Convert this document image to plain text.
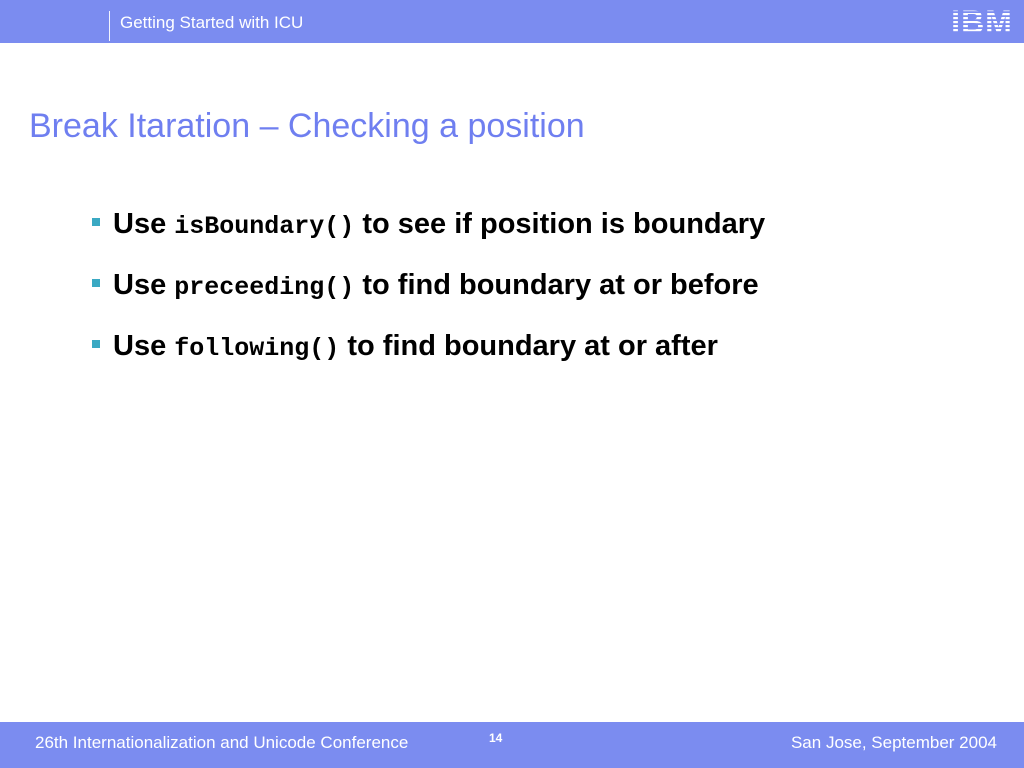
Getting Started with ICU	IBM
Break Itaration – Checking a position
Use isBoundary() to see if position is boundary
Use preceeding() to find boundary at or before
Use following() to find boundary at or after
26th Internationalization and Unicode Conference	14	San Jose, September 2004
